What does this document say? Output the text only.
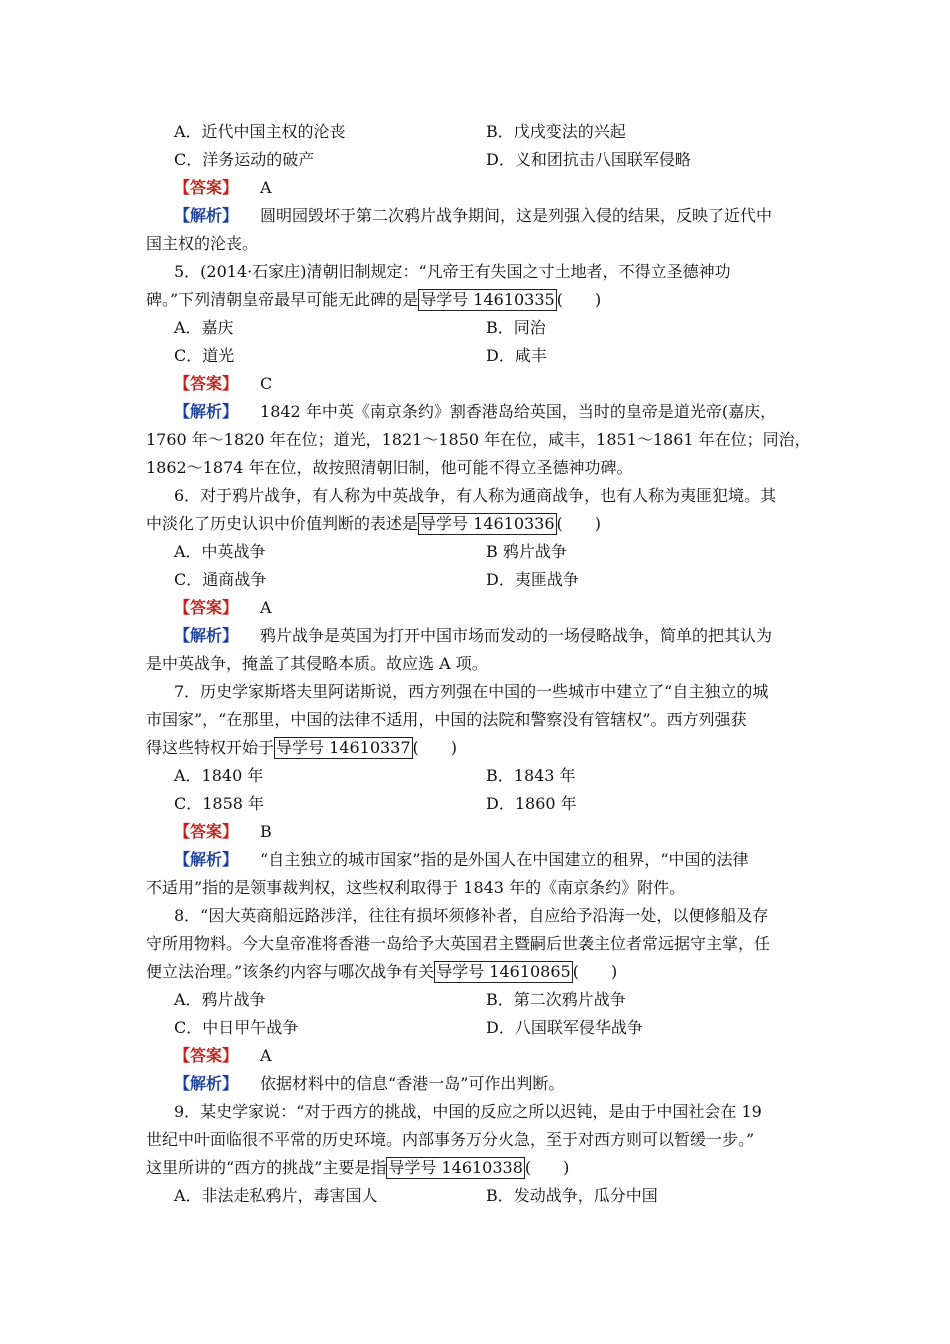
A．近代中国主权的沦丧	B．戊戌变法的兴起
C．洋务运动的破产	D．义和团抗击八国联军侵略
【答案】 A
【解析】 圆明园毁坏于第二次鸦片战争期间，这是列强入侵的结果，反映了近代中
国主权的沦丧。
5．(2014·石家庄)清朝旧制规定：“凡帝王有失国之寸土地者，不得立圣德神功
碑。”下列清朝皇帝最早可能无此碑的是 导学号 14610335 (　　)
A．嘉庆	B．同治
C．道光	D．咸丰
【答案】 C
【解析】 1842 年中英《南京条约》割香港岛给英国，当时的皇帝是道光帝(嘉庆，
1760 年～1820 年在位；道光，1821～1850 年在位，咸丰，1851～1861 年在位；同治，
1862～1874 年在位，故按照清朝旧制，他可能不得立圣德神功碑。
6．对于鸦片战争，有人称为中英战争，有人称为通商战争，也有人称为夷匪犯境。其
中淡化了历史认识中价值判断的表述是 导学号 14610336 (　　)
A．中英战争	B 鸦片战争
C．通商战争	D．夷匪战争
【答案】 A
【解析】 鸦片战争是英国为打开中国市场而发动的一场侵略战争，简单的把其认为
是中英战争，掩盖了其侵略本质。故应选 A 项。
7．历史学家斯塔夫里阿诺斯说，西方列强在中国的一些城市中建立了“自主独立的城
市国家”，“在那里，中国的法律不适用，中国的法院和警察没有管辖权”。西方列强获
得这些特权开始于 导学号 14610337 (　　)
A．1840 年	B．1843 年
C．1858 年	D．1860 年
【答案】 B
【解析】 “自主独立的城市国家”指的是外国人在中国建立的租界，“中国的法律
不适用”指的是领事裁判权，这些权利取得于 1843 年的《南京条约》附件。
8．“因大英商船远路涉洋，往往有损坏须修补者，自应给予沿海一处，以便修船及存
守所用物料。今大皇帝准将香港一岛给予大英国君主暨嗣后世袭主位者常远据守主掌，任
便立法治理。”该条约内容与哪次战争有关 导学号 14610865 (　　)
A．鸦片战争	B．第二次鸦片战争
C．中日甲午战争	D．八国联军侵华战争
【答案】 A
【解析】 依据材料中的信息“香港一岛”可作出判断。
9．某史学家说：“对于西方的挑战，中国的反应之所以迟钝，是由于中国社会在 19
世纪中叶面临很不平常的历史环境。内部事务万分火急，至于对西方则可以暂缓一步。”
这里所讲的“西方的挑战”主要是指 导学号 14610338 (　　)
A．非法走私鸦片，毒害国人	B．发动战争，瓜分中国
